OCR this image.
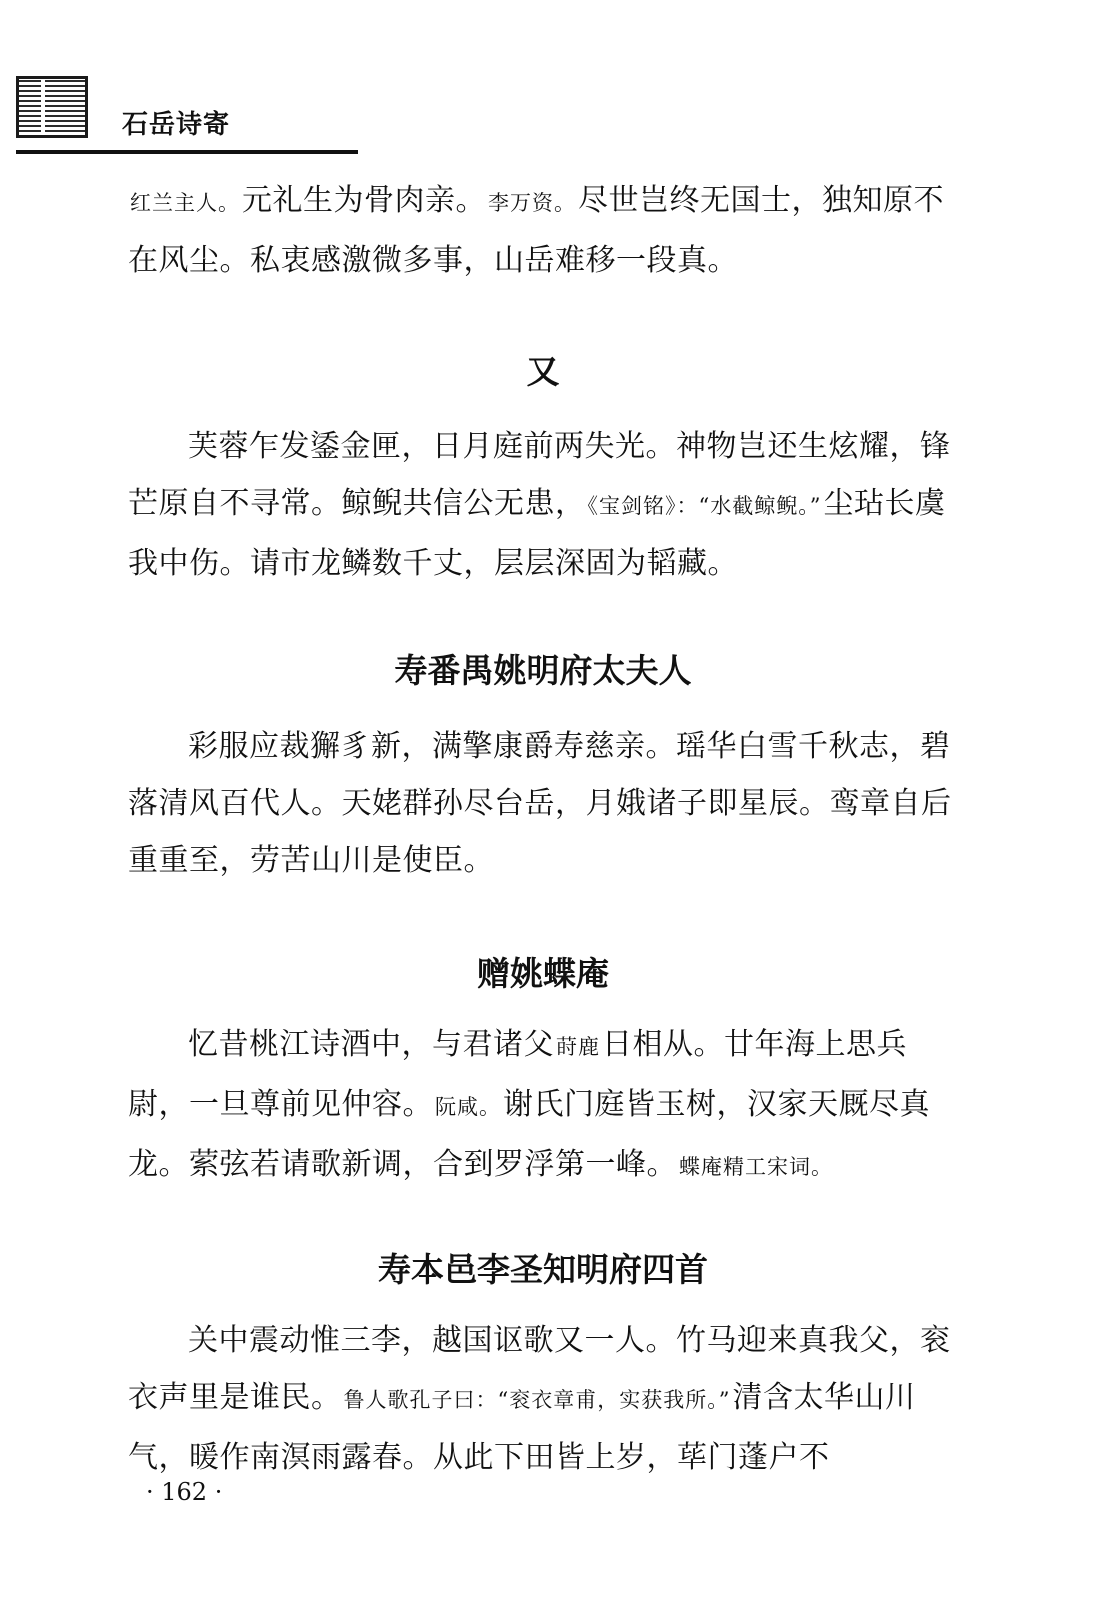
石岳诗寄

红兰主人。元礼生为骨肉亲。李万资。尽世岂终无国士，独知原不在风尘。私衷感激微多事，山岳难移一段真。

又

芙蓉乍发鋈金匣，日月庭前两失光。神物岂还生炫耀，锋芒原自不寻常。鲸鲵共信公无患，《宝剑铭》：“水截鲸鲵。”尘玷长虞我中伤。请市龙鳞数千丈，层层深固为韬藏。

寿番禺姚明府太夫人

彩服应裁獬豸新，满擎康爵寿慈亲。瑶华白雪千秋志，碧落清风百代人。天姥群孙尽台岳，月娥诸子即星辰。鸾章自后重重至，劳苦山川是使臣。

赠姚蝶庵

忆昔桃江诗酒中，与君诸父莳鹿日相从。廿年海上思兵尉，一旦尊前见仲容。阮咸。谢氏门庭皆玉树，汉家天厩尽真龙。萦弦若请歌新调，合到罗浮第一峰。蝶庵精工宋词。

寿本邑李圣知明府四首

关中震动惟三李，越国讴歌又一人。竹马迎来真我父，衮衣声里是谁民。鲁人歌孔子曰：“衮衣章甫，实获我所。”清含太华山川气，暖作南溟雨露春。从此下田皆上岁，荜门蓬户不

· 162 ·
